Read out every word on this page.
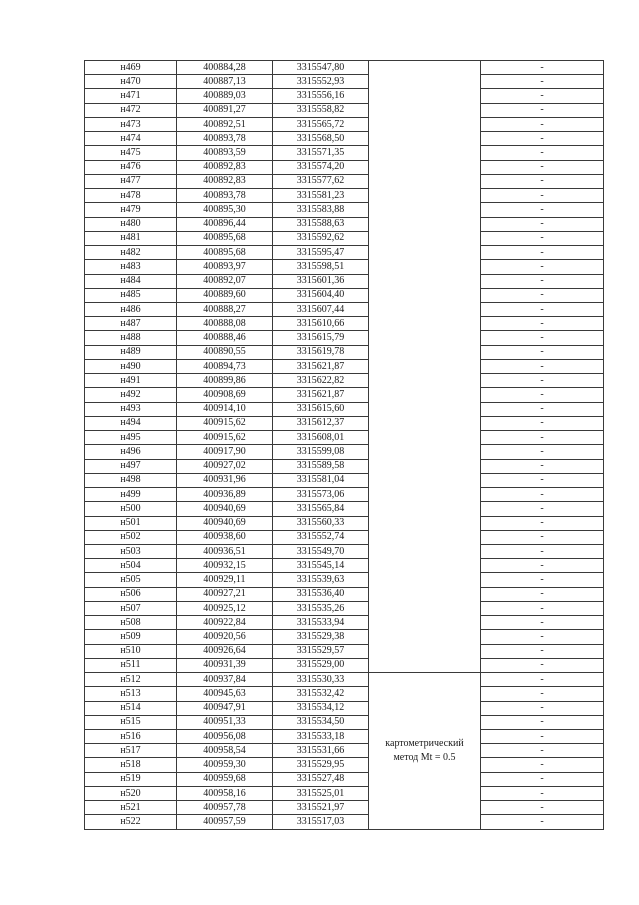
н469	400884,28	3315547,80		-
н470	400887,13	3315552,93		-
н471	400889,03	3315556,16		-
н472	400891,27	3315558,82		-
н473	400892,51	3315565,72		-
н474	400893,78	3315568,50		-
н475	400893,59	3315571,35		-
н476	400892,83	3315574,20		-
н477	400892,83	3315577,62		-
н478	400893,78	3315581,23		-
н479	400895,30	3315583,88		-
н480	400896,44	3315588,63		-
н481	400895,68	3315592,62		-
н482	400895,68	3315595,47		-
н483	400893,97	3315598,51		-
н484	400892,07	3315601,36		-
н485	400889,60	3315604,40		-
н486	400888,27	3315607,44		-
н487	400888,08	3315610,66		-
н488	400888,46	3315615,79		-
н489	400890,55	3315619,78		-
н490	400894,73	3315621,87		-
н491	400899,86	3315622,82		-
н492	400908,69	3315621,87		-
н493	400914,10	3315615,60		-
н494	400915,62	3315612,37		-
н495	400915,62	3315608,01		-
н496	400917,90	3315599,08		-
н497	400927,02	3315589,58		-
н498	400931,96	3315581,04		-
н499	400936,89	3315573,06		-
н500	400940,69	3315565,84		-
н501	400940,69	3315560,33		-
н502	400938,60	3315552,74		-
н503	400936,51	3315549,70		-
н504	400932,15	3315545,14		-
н505	400929,11	3315539,63		-
н506	400927,21	3315536,40		-
н507	400925,12	3315535,26		-
н508	400922,84	3315533,94		-
н509	400920,56	3315529,38		-
н510	400926,64	3315529,57		-
н511	400931,39	3315529,00		-
н512	400937,84	3315530,33	картометрический
метод Mt = 0.5	-
н513	400945,63	3315532,42		-
н514	400947,91	3315534,12		-
н515	400951,33	3315534,50		-
н516	400956,08	3315533,18		-
н517	400958,54	3315531,66		-
н518	400959,30	3315529,95		-
н519	400959,68	3315527,48		-
н520	400958,16	3315525,01		-
н521	400957,78	3315521,97		-
н522	400957,59	3315517,03		-
